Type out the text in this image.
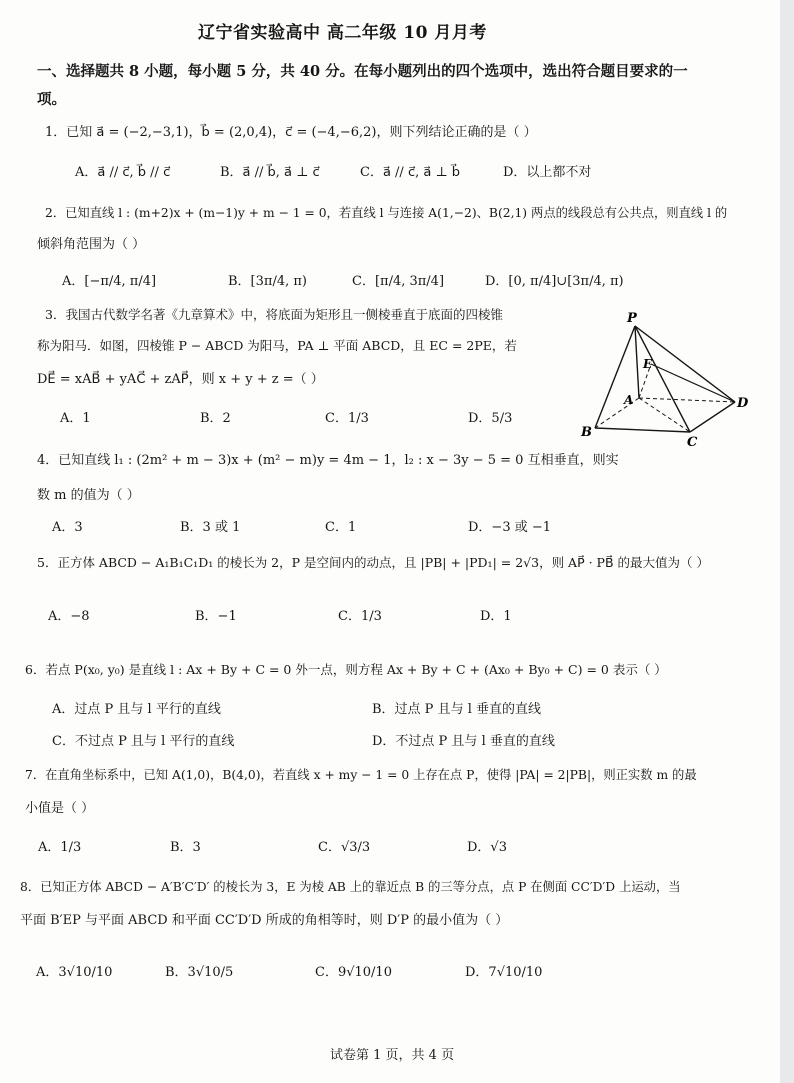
辽宁省实验高中 高二年级 10 月月考
一、选择题共 8 小题，每小题 5 分，共 40 分。在每小题列出的四个选项中，选出符合题目要求的一
项。
1．已知 a⃗ = (−2,−3,1)，b⃗ = (2,0,4)，c⃗ = (−4,−6,2)，则下列结论正确的是（ ）
A．a⃗ // c⃗, b⃗ // c⃗	B．a⃗ // b⃗, a⃗ ⊥ c⃗	C．a⃗ // c⃗, a⃗ ⊥ b⃗	D．以上都不对
2．已知直线 l : (m+2)x + (m−1)y + m − 1 = 0，若直线 l 与连接 A(1,−2)、B(2,1) 两点的线段总有公共点，则直线 l 的
倾斜角范围为（ ）
A．[−π/4, π/4]	B．[3π/4, π)	C．[π/4, 3π/4]	D．[0, π/4]∪[3π/4, π)
3．我国古代数学名著《九章算术》中，将底面为矩形且一侧棱垂直于底面的四棱锥
称为阳马．如图，四棱锥 P − ABCD 为阳马，PA ⊥ 平面 ABCD，且 EC = 2PE，若
DE⃗ = xAB⃗ + yAC⃗ + zAP⃗，则 x + y + z =（ ）
A．1	B．2	C．1/3	D．5/3
P
E
A
B
C
D
4．已知直线 l₁ : (2m² + m − 3)x + (m² − m)y = 4m − 1，l₂ : x − 3y − 5 = 0 互相垂直，则实
数 m 的值为（ ）
A．3	B．3 或 1	C．1	D．−3 或 −1
5．正方体 ABCD − A₁B₁C₁D₁ 的棱长为 2，P 是空间内的动点，且 |PB| + |PD₁| = 2√3，则 AP⃗ · PB⃗ 的最大值为（ ）
A．−8	B．−1	C．1/3	D．1
6．若点 P(x₀, y₀) 是直线 l : Ax + By + C = 0 外一点，则方程 Ax + By + C + (Ax₀ + By₀ + C) = 0 表示（ ）
A．过点 P 且与 l 平行的直线	B．过点 P 且与 l 垂直的直线
C．不过点 P 且与 l 平行的直线	D．不过点 P 且与 l 垂直的直线
7．在直角坐标系中，已知 A(1,0)，B(4,0)，若直线 x + my − 1 = 0 上存在点 P，使得 |PA| = 2|PB|，则正实数 m 的最
小值是（ ）
A．1/3	B．3	C．√3/3	D．√3
8．已知正方体 ABCD − A′B′C′D′ 的棱长为 3，E 为棱 AB 上的靠近点 B 的三等分点，点 P 在侧面 CC′D′D 上运动，当
平面 B′EP 与平面 ABCD 和平面 CC′D′D 所成的角相等时，则 D′P 的最小值为（ ）
A．3√10/10	B．3√10/5	C．9√10/10	D．7√10/10
试卷第 1 页，共 4 页
